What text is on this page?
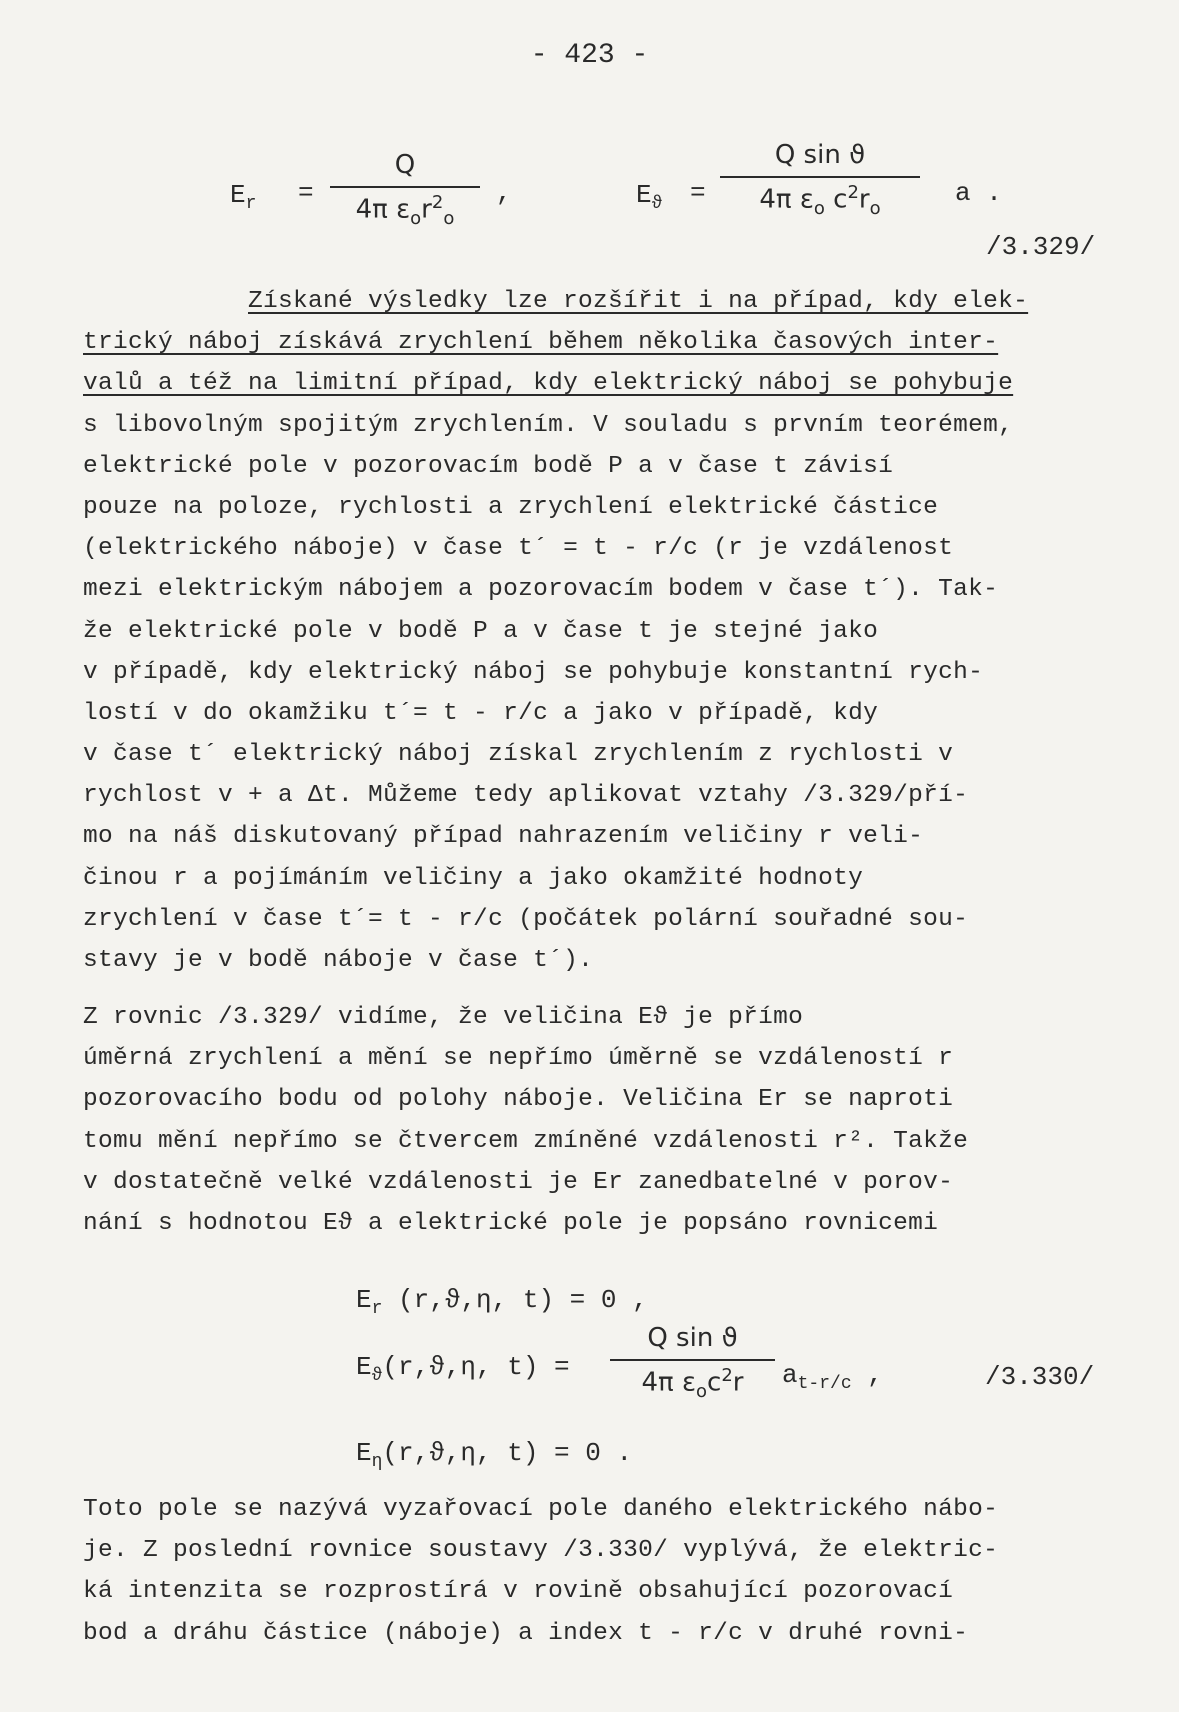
- 423 -
$E_r$ =
Q
4π $\varepsilon_or^2_o$
,	$E_ϑ$ =
Q sin ϑ
4π $\varepsilon_o$ $c^2r_o$
a .
/3.329/
Získané výsledky lze rozšířit i na případ, kdy elek-
trický náboj získává zrychlení během několika časových inter-
valů a též na limitní případ, kdy elektrický náboj se pohybuje
s libovolným spojitým zrychlením. V souladu s prvním teorémem,
elektrické pole v pozorovacím bodě P a v čase t závisí
pouze na poloze, rychlosti a zrychlení elektrické částice
(elektrického náboje) v čase t´ = t - r/c (r je vzdálenost
mezi elektrickým nábojem a pozorovacím bodem v čase t´). Tak-
že elektrické pole v bodě P a v čase t je stejné jako
v případě, kdy elektrický náboj se pohybuje konstantní rych-
lostí v do okamžiku t´= t - r/c a jako v případě, kdy
v čase t´ elektrický náboj získal zrychlením z rychlosti v
rychlost v + a Δt. Můžeme tedy aplikovat vztahy /3.329/pří-
mo na náš diskutovaný případ nahrazením veličiny r veli-
činou r a pojímáním veličiny a jako okamžité hodnoty
zrychlení v čase t´= t - r/c (počátek polární souřadné sou-
stavy je v bodě náboje v čase t´).
Z rovnic /3.329/ vidíme, že veličina Eϑ je přímo
úměrná zrychlení a mění se nepřímo úměrně se vzdáleností r
pozorovacího bodu od polohy náboje. Veličina Er se naproti
tomu mění nepřímo se čtvercem zmíněné vzdálenosti r². Takže
v dostatečně velké vzdálenosti je Er zanedbatelné v porov-
nání s hodnotou Eϑ a elektrické pole je popsáno rovnicemi
$E_r$ (r,ϑ,η, t) = 0 ,
$E_ϑ(r,ϑ,\eta$, t) =
Q sin ϑ
4π $\varepsilon_oc^2r$	$a_{t-r/c}$ ,	/3.330/
$E_\eta(r,ϑ,\eta$, t) = 0 .
Toto pole se nazývá vyzařovací pole daného elektrického nábo-
je. Z poslední rovnice soustavy /3.330/ vyplývá, že elektric-
ká intenzita se rozprostírá v rovině obsahující pozorovací
bod a dráhu částice (náboje) a index t - r/c v druhé rovni-
